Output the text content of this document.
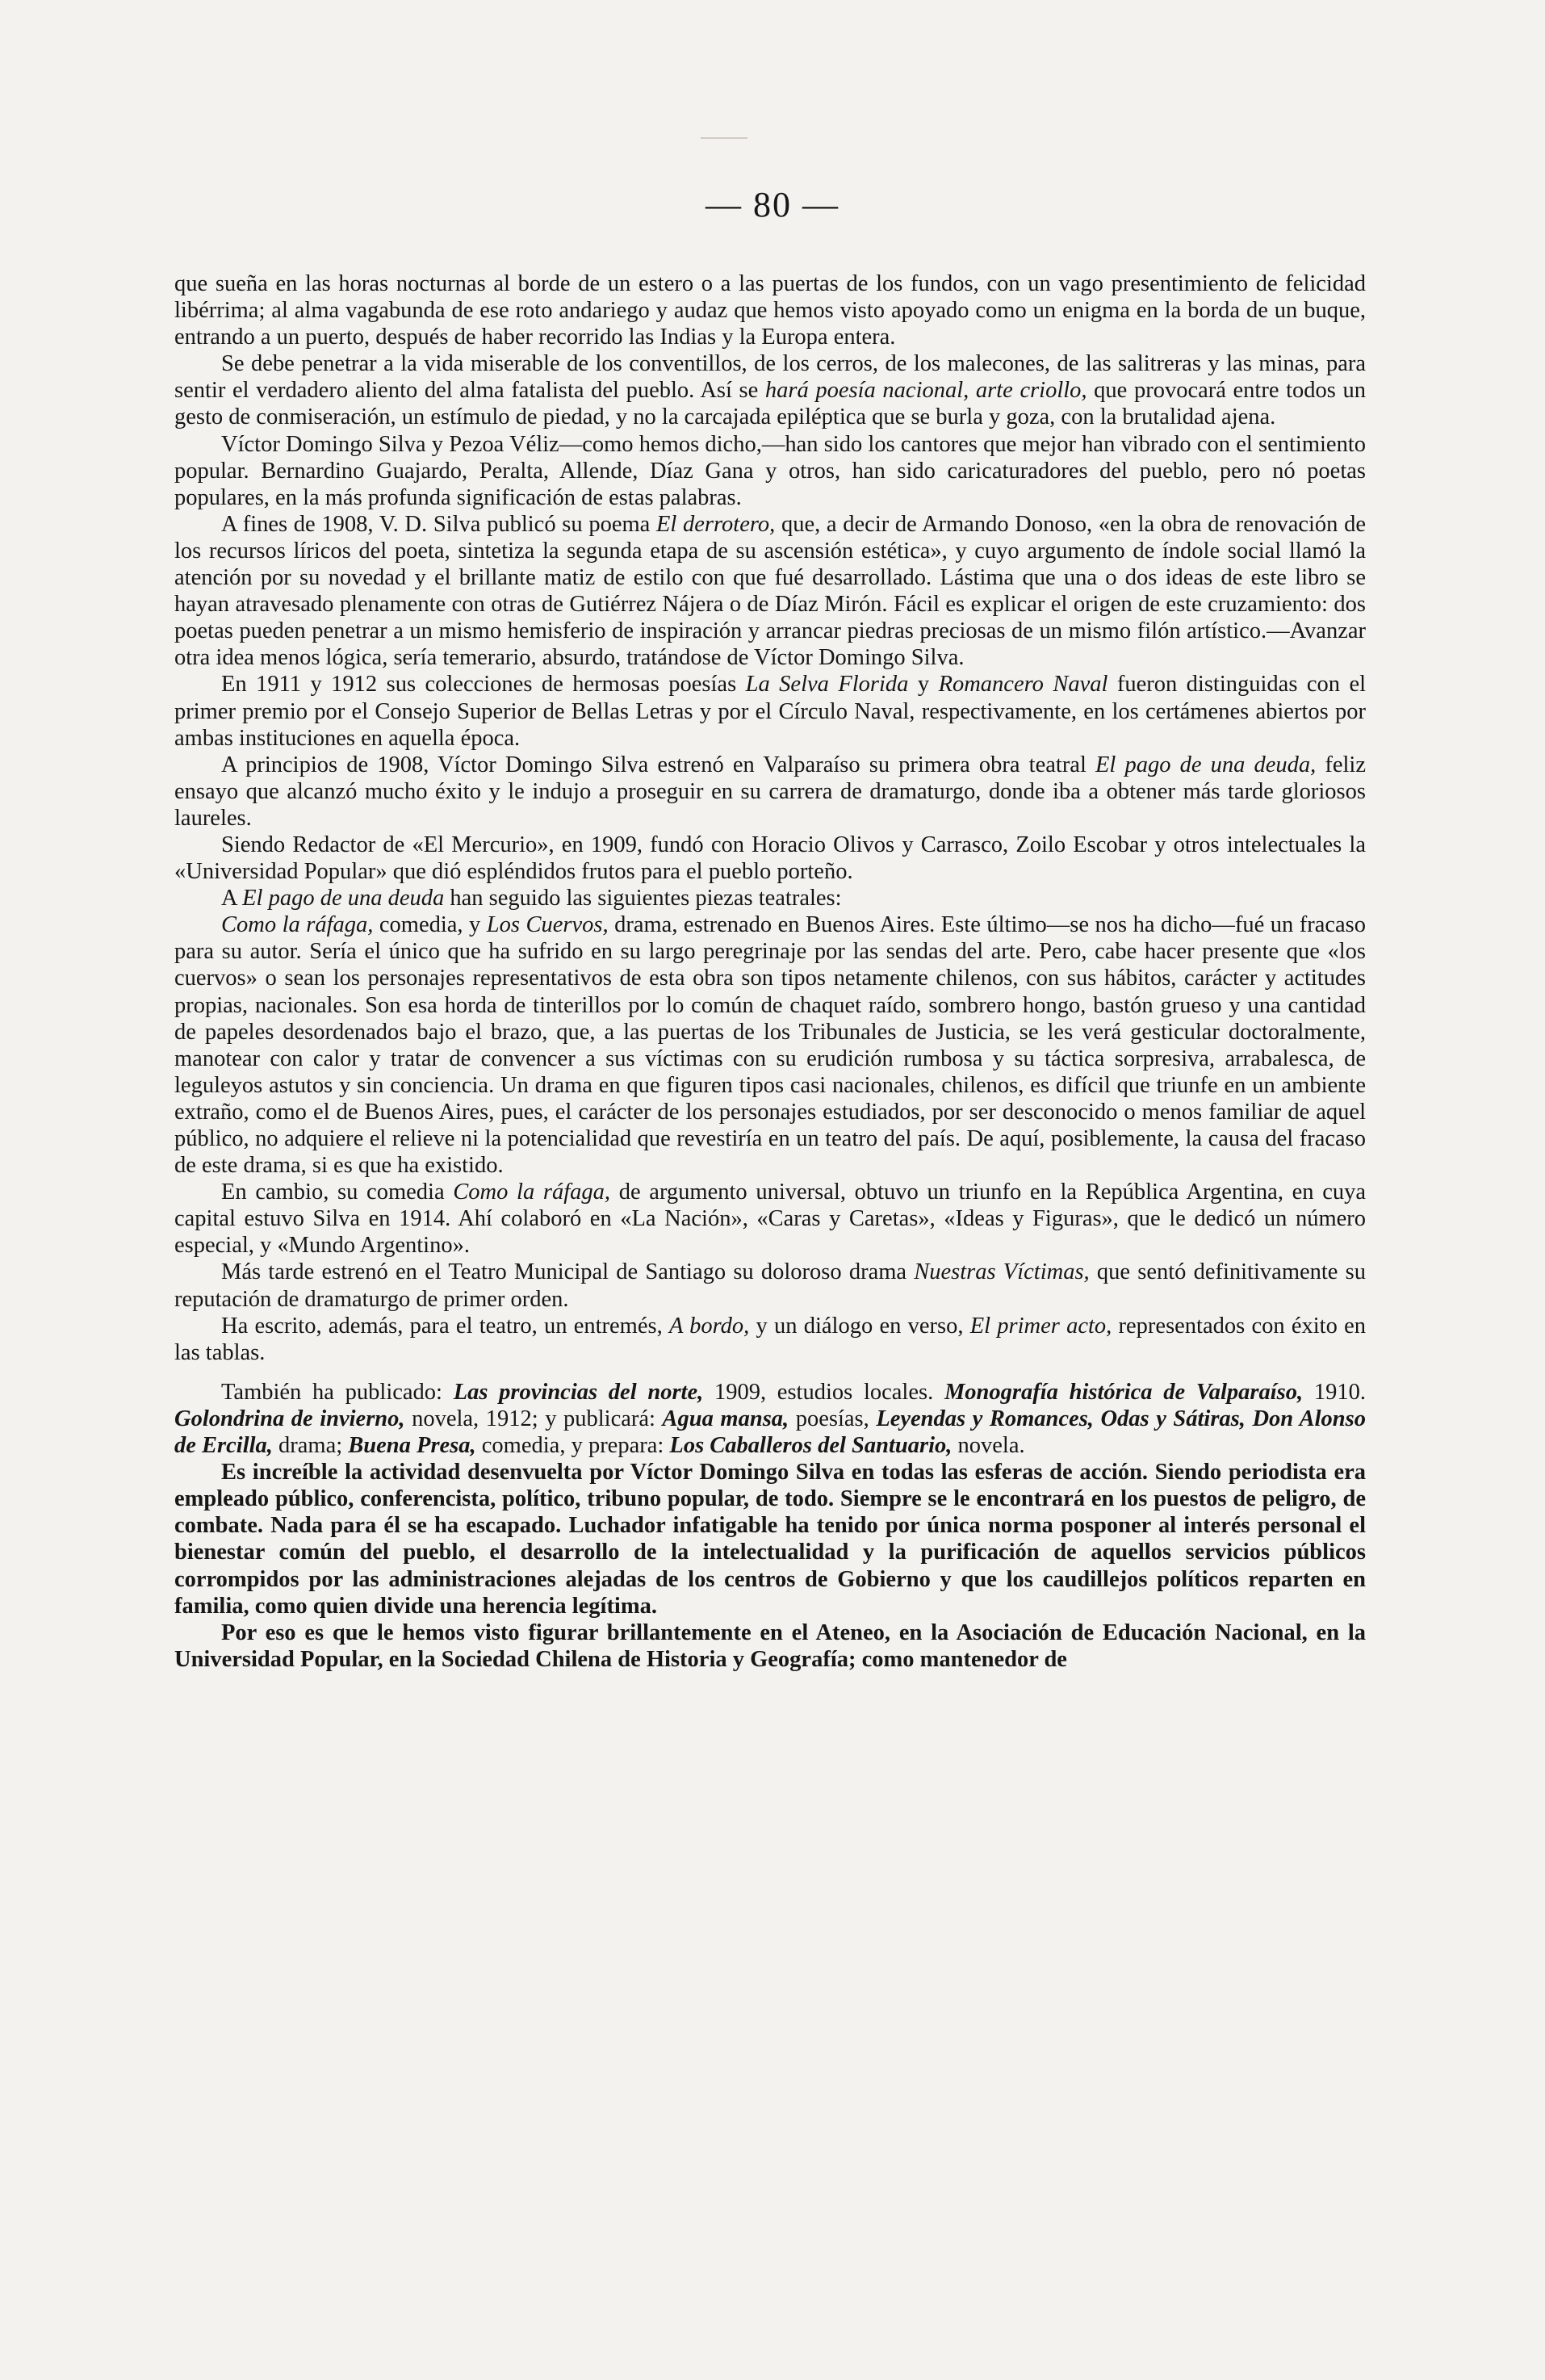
— 80 —

que sueña en las horas nocturnas al borde de un estero o a las puertas de los fundos, con un vago presentimiento de felicidad libérrima; al alma vagabunda de ese roto andariego y audaz que hemos visto apoyado como un enigma en la borda de un buque, entrando a un puerto, después de haber recorrido las Indias y la Europa entera.

Se debe penetrar a la vida miserable de los conventillos, de los cerros, de los malecones, de las salitreras y las minas, para sentir el verdadero aliento del alma fatalista del pueblo. Así se hará poesía nacional, arte criollo, que provocará entre todos un gesto de conmiseración, un estímulo de piedad, y no la carcajada epiléptica que se burla y goza, con la brutalidad ajena.

Víctor Domingo Silva y Pezoa Véliz—como hemos dicho,—han sido los cantores que mejor han vibrado con el sentimiento popular. Bernardino Guajardo, Peralta, Allende, Díaz Gana y otros, han sido caricaturadores del pueblo, pero nó poetas populares, en la más profunda significación de estas palabras.

A fines de 1908, V. D. Silva publicó su poema El derrotero, que, a decir de Armando Donoso, «en la obra de renovación de los recursos líricos del poeta, sintetiza la segunda etapa de su ascensión estética», y cuyo argumento de índole social llamó la atención por su novedad y el brillante matiz de estilo con que fué desarrollado. Lástima que una o dos ideas de este libro se hayan atravesado plenamente con otras de Gutiérrez Nájera o de Díaz Mirón. Fácil es explicar el origen de este cruzamiento: dos poetas pueden penetrar a un mismo hemisferio de inspiración y arrancar piedras preciosas de un mismo filón artístico.—Avanzar otra idea menos lógica, sería temerario, absurdo, tratándose de Víctor Domingo Silva.

En 1911 y 1912 sus colecciones de hermosas poesías La Selva Florida y Romancero Naval fueron distinguidas con el primer premio por el Consejo Superior de Bellas Letras y por el Círculo Naval, respectivamente, en los certámenes abiertos por ambas instituciones en aquella época.

A principios de 1908, Víctor Domingo Silva estrenó en Valparaíso su primera obra teatral El pago de una deuda, feliz ensayo que alcanzó mucho éxito y le indujo a proseguir en su carrera de dramaturgo, donde iba a obtener más tarde gloriosos laureles.

Siendo Redactor de «El Mercurio», en 1909, fundó con Horacio Olivos y Carrasco, Zoilo Escobar y otros intelectuales la «Universidad Popular» que dió espléndidos frutos para el pueblo porteño.

A El pago de una deuda han seguido las siguientes piezas teatrales:

Como la ráfaga, comedia, y Los Cuervos, drama, estrenado en Buenos Aires. Este último—se nos ha dicho—fué un fracaso para su autor. Sería el único que ha sufrido en su largo peregrinaje por las sendas del arte. Pero, cabe hacer presente que «los cuervos» o sean los personajes representativos de esta obra son tipos netamente chilenos, con sus hábitos, carácter y actitudes propias, nacionales. Son esa horda de tinterillos por lo común de chaquet raído, sombrero hongo, bastón grueso y una cantidad de papeles desordenados bajo el brazo, que, a las puertas de los Tribunales de Justicia, se les verá gesticular doctoralmente, manotear con calor y tratar de convencer a sus víctimas con su erudición rumbosa y su táctica sorpresiva, arrabalesca, de leguleyos astutos y sin conciencia. Un drama en que figuren tipos casi nacionales, chilenos, es difícil que triunfe en un ambiente extraño, como el de Buenos Aires, pues, el carácter de los personajes estudiados, por ser desconocido o menos familiar de aquel público, no adquiere el relieve ni la potencialidad que revestiría en un teatro del país. De aquí, posiblemente, la causa del fracaso de este drama, si es que ha existido.

En cambio, su comedia Como la ráfaga, de argumento universal, obtuvo un triunfo en la República Argentina, en cuya capital estuvo Silva en 1914. Ahí colaboró en «La Nación», «Caras y Caretas», «Ideas y Figuras», que le dedicó un número especial, y «Mundo Argentino».

Más tarde estrenó en el Teatro Municipal de Santiago su doloroso drama Nuestras Víctimas, que sentó definitivamente su reputación de dramaturgo de primer orden.

Ha escrito, además, para el teatro, un entremés, A bordo, y un diálogo en verso, El primer acto, representados con éxito en las tablas.

También ha publicado: Las provincias del norte, 1909, estudios locales. Monografía histórica de Valparaíso, 1910. Golondrina de invierno, novela, 1912; y publicará: Agua mansa, poesías, Leyendas y Romances, Odas y Sátiras, Don Alonso de Ercilla, drama; Buena Presa, comedia, y prepara: Los Caballeros del Santuario, novela.

Es increíble la actividad desenvuelta por Víctor Domingo Silva en todas las esferas de acción. Siendo periodista era empleado público, conferencista, político, tribuno popular, de todo. Siempre se le encontrará en los puestos de peligro, de combate. Nada para él se ha escapado. Luchador infatigable ha tenido por única norma posponer al interés personal el bienestar común del pueblo, el desarrollo de la intelectualidad y la purificación de aquellos servicios públicos corrompidos por las administraciones alejadas de los centros de Gobierno y que los caudillejos políticos reparten en familia, como quien divide una herencia legítima.

Por eso es que le hemos visto figurar brillantemente en el Ateneo, en la Asociación de Educación Nacional, en la Universidad Popular, en la Sociedad Chilena de Historia y Geografía; como mantenedor de
